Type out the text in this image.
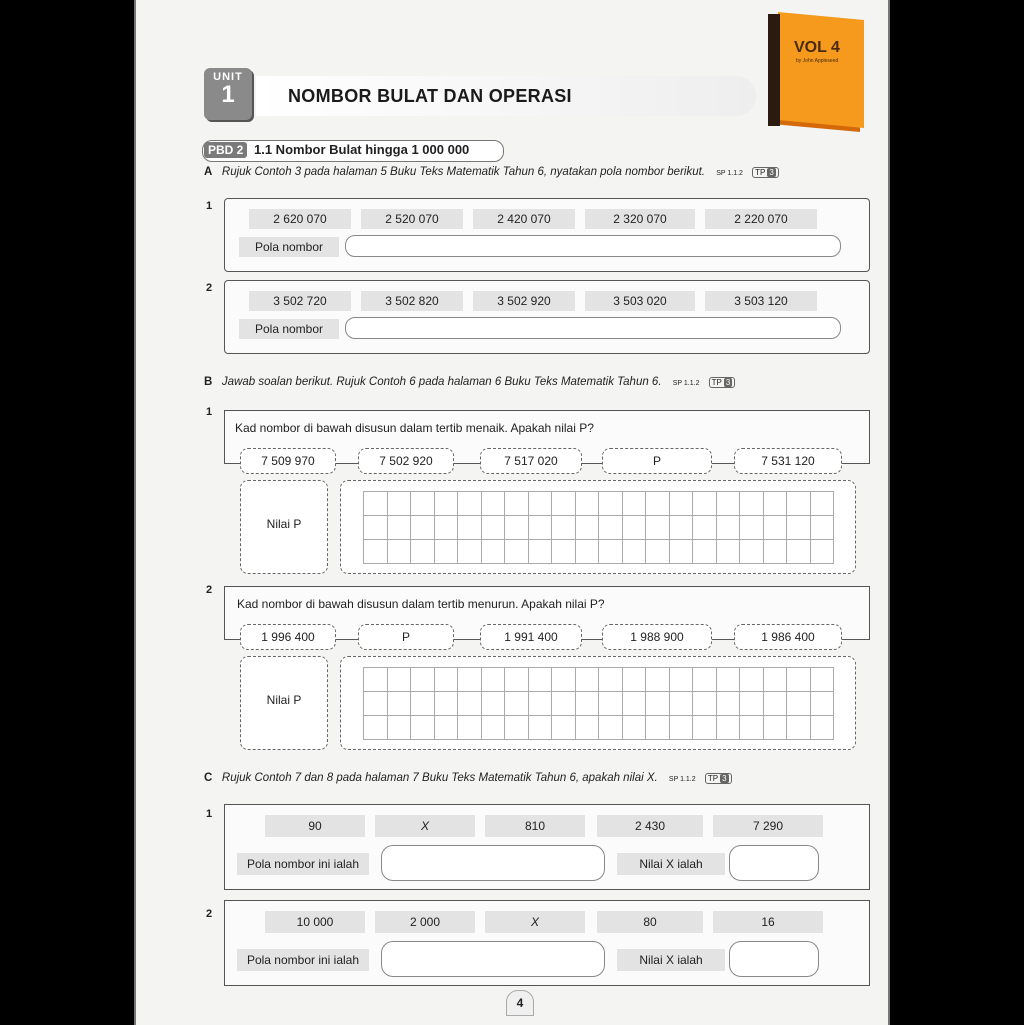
UNIT
1	NOMBOR BULAT DAN OPERASI
VOL 4
by John Appleseed
PBD 2 1.1 Nombor Bulat hingga 1 000 000
A Rujuk Contoh 3 pada halaman 5 Buku Teks Matematik Tahun 6, nyatakan pola nombor berikut. SP 1.1.2 TP 3
1
2 620 070	2 520 070	2 420 070	2 320 070	2 220 070
Pola nombor
2
3 502 720	3 502 820	3 502 920	3 503 020	3 503 120
Pola nombor
B Jawab soalan berikut. Rujuk Contoh 6 pada halaman 6 Buku Teks Matematik Tahun 6. SP 1.1.2 TP 3
1
Kad nombor di bawah disusun dalam tertib menaik. Apakah nilai P?
7 509 970	7 502 920	7 517 020	P	7 531 120
Nilai P
2
Kad nombor di bawah disusun dalam tertib menurun. Apakah nilai P?
1 996 400	P	1 991 400	1 988 900	1 986 400
Nilai P
C Rujuk Contoh 7 dan 8 pada halaman 7 Buku Teks Matematik Tahun 6, apakah nilai X. SP 1.1.2 TP 3
1
90	X	810	2 430	7 290
Pola nombor ini ialah	Nilai X ialah
2
10 000	2 000	X	80	16
Pola nombor ini ialah	Nilai X ialah
4
